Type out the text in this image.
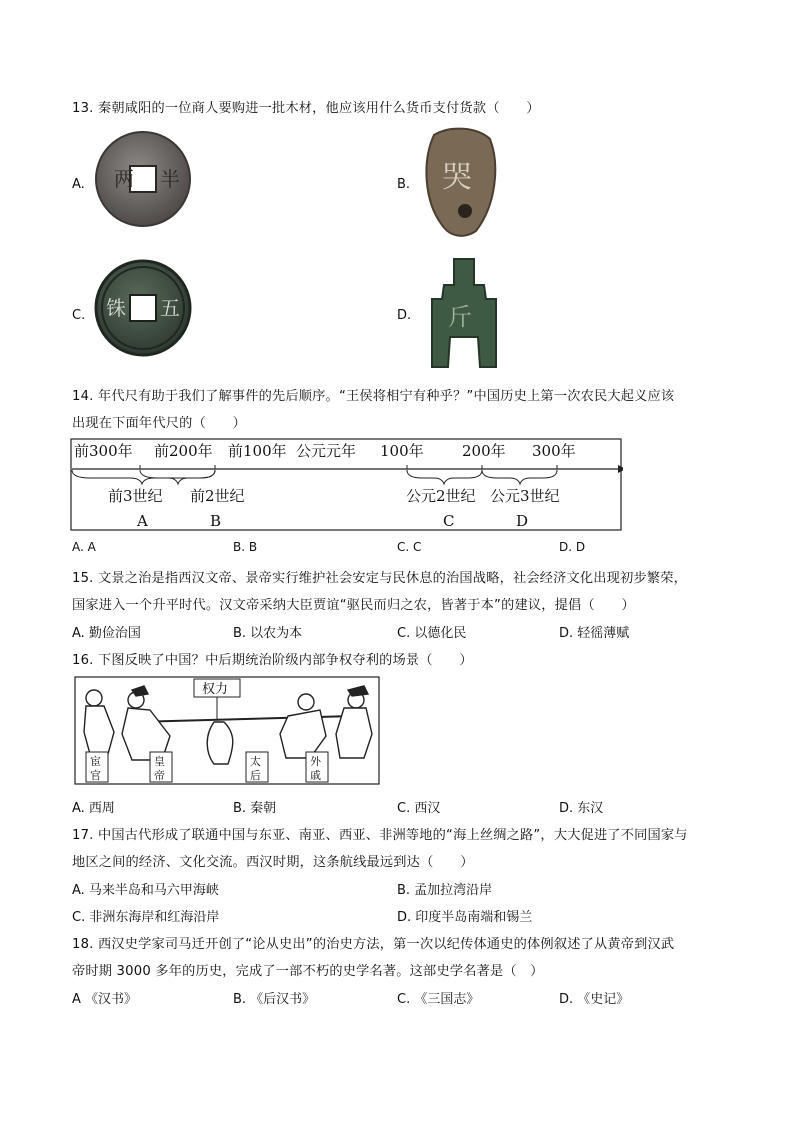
13. 秦朝咸阳的一位商人要购进一批木材，他应该用什么货币支付货款（　　）
A. 两 半	B. 哭
C.	五
铢	D. 斤
14. 年代尺有助于我们了解事件的先后顺序。“王侯将相宁有种乎？”中国历史上第一次农民大起义应该
出现在下面年代尺的（　　）
前300年 前200年 前100年 公元元年 100年	200年 300年
前3世纪 前2世纪	公元2世纪 公元3世纪
A	B	C	D
A. A	B. B	C. C	D. D
15. 文景之治是指西汉文帝、景帝实行维护社会安定与民休息的治国战略，社会经济文化出现初步繁荣，
国家进入一个升平时代。汉文帝采纳大臣贾谊“驱民而归之农，皆著于本”的建议，提倡（　　）
A. 勤俭治国	B. 以农为本	C. 以德化民	D. 轻徭薄赋
16. 下图反映了中国？中后期统治阶级内部争权夺利的场景（　　）
权力
宦
官
皇
帝
太
后
外
戚
A. 西周	B. 秦朝	C. 西汉	D. 东汉
17. 中国古代形成了联通中国与东亚、南亚、西亚、非洲等地的“海上丝绸之路”，大大促进了不同国家与
地区之间的经济、文化交流。西汉时期，这条航线最远到达（　　）
A. 马来半岛和马六甲海峡	B. 孟加拉湾沿岸
C. 非洲东海岸和红海沿岸	D. 印度半岛南端和锡兰
18. 西汉史学家司马迁开创了“论从史出”的治史方法，第一次以纪传体通史的体例叙述了从黄帝到汉武
帝时期 3000 多年的历史，完成了一部不朽的史学名著。这部史学名著是（　）
A 《汉书》	B. 《后汉书》	C. 《三国志》	D. 《史记》
